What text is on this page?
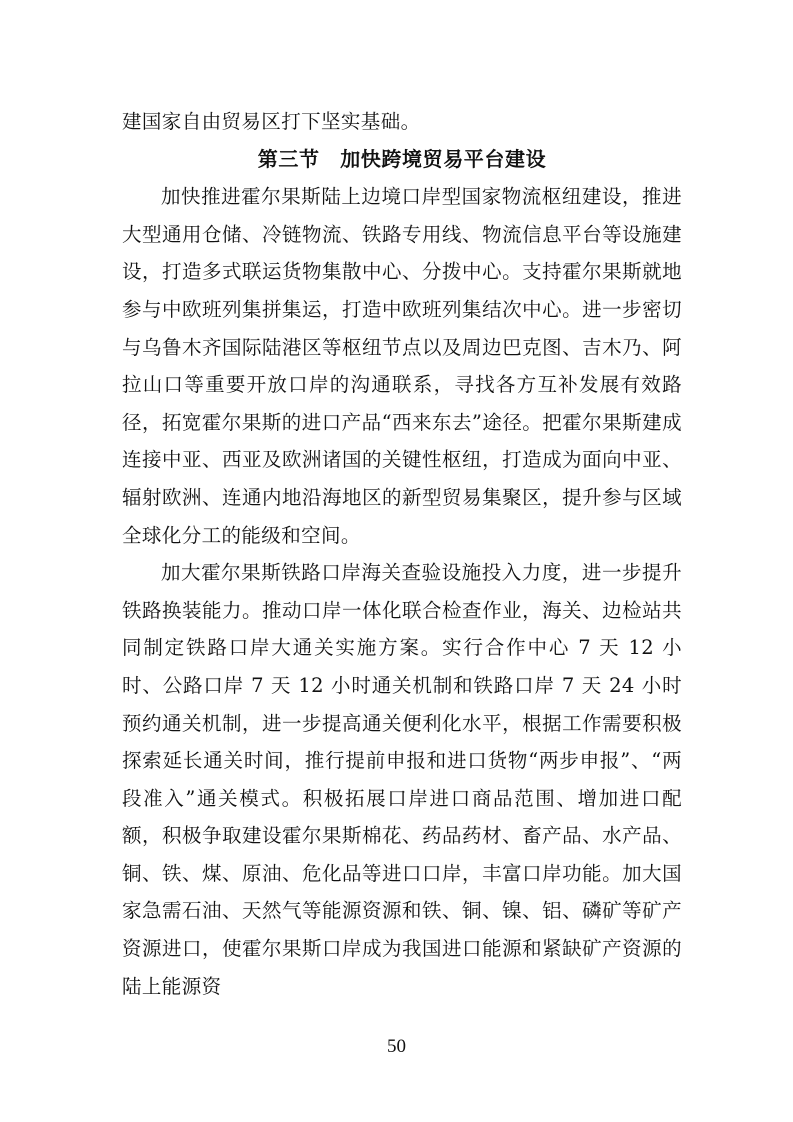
建国家自由贸易区打下坚实基础。

第三节　加快跨境贸易平台建设

加快推进霍尔果斯陆上边境口岸型国家物流枢纽建设，推进大型通用仓储、冷链物流、铁路专用线、物流信息平台等设施建设，打造多式联运货物集散中心、分拨中心。支持霍尔果斯就地参与中欧班列集拼集运，打造中欧班列集结次中心。进一步密切与乌鲁木齐国际陆港区等枢纽节点以及周边巴克图、吉木乃、阿拉山口等重要开放口岸的沟通联系，寻找各方互补发展有效路径，拓宽霍尔果斯的进口产品“西来东去”途径。把霍尔果斯建成连接中亚、西亚及欧洲诸国的关键性枢纽，打造成为面向中亚、辐射欧洲、连通内地沿海地区的新型贸易集聚区，提升参与区域全球化分工的能级和空间。

加大霍尔果斯铁路口岸海关查验设施投入力度，进一步提升铁路换装能力。推动口岸一体化联合检查作业，海关、边检站共同制定铁路口岸大通关实施方案。实行合作中心 7 天 12 小时、公路口岸 7 天 12 小时通关机制和铁路口岸 7 天 24 小时预约通关机制，进一步提高通关便利化水平，根据工作需要积极探索延长通关时间，推行提前申报和进口货物“两步申报”、“两段准入”通关模式。积极拓展口岸进口商品范围、增加进口配额，积极争取建设霍尔果斯棉花、药品药材、畜产品、水产品、铜、铁、煤、原油、危化品等进口口岸，丰富口岸功能。加大国家急需石油、天然气等能源资源和铁、铜、镍、铝、磷矿等矿产资源进口，使霍尔果斯口岸成为我国进口能源和紧缺矿产资源的陆上能源资

50
